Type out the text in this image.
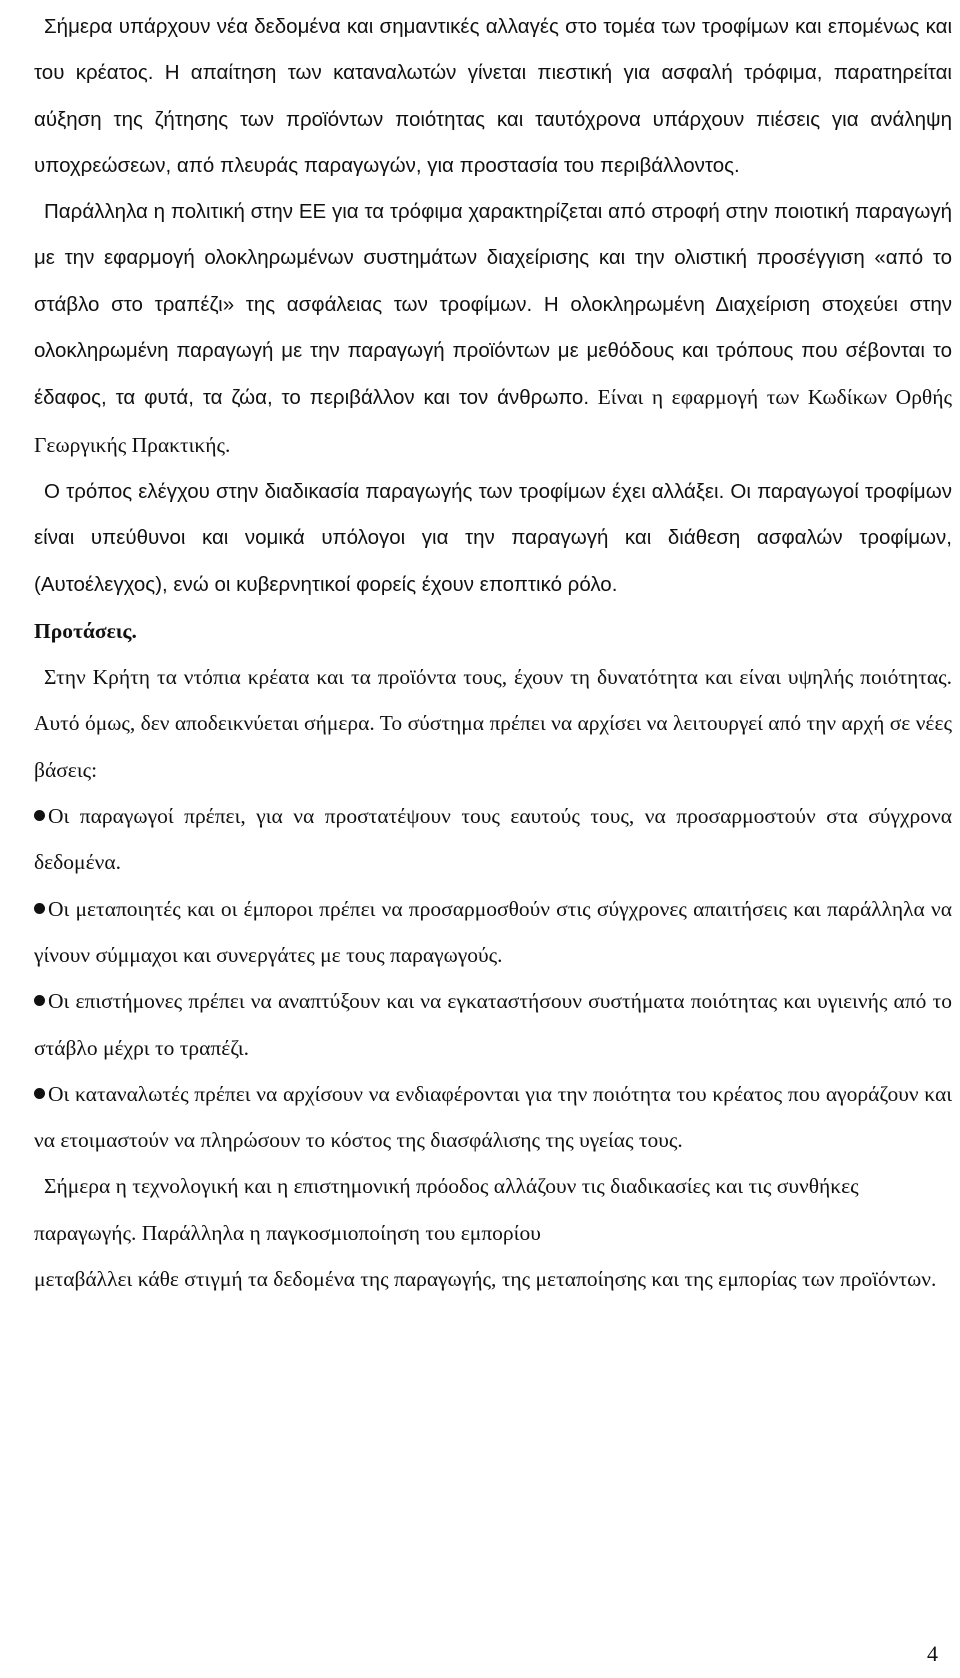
Σήμερα υπάρχουν νέα δεδομένα και σημαντικές αλλαγές στο τομέα των τροφίμων και επομένως και του κρέατος. Η απαίτηση των καταναλωτών γίνεται πιεστική για ασφαλή τρόφιμα, παρατηρείται αύξηση της ζήτησης των προϊόντων ποιότητας και ταυτόχρονα υπάρχουν πιέσεις για ανάληψη υποχρεώσεων, από πλευράς παραγωγών, για προστασία του περιβάλλοντος.

Παράλληλα η πολιτική στην ΕΕ για τα τρόφιμα χαρακτηρίζεται από στροφή στην ποιοτική παραγωγή με την εφαρμογή ολοκληρωμένων συστημάτων διαχείρισης και την ολιστική προσέγγιση «από το στάβλο στο τραπέζι» της ασφάλειας των τροφίμων. Η ολοκληρωμένη Διαχείριση στοχεύει στην ολοκληρωμένη παραγωγή με την παραγωγή προϊόντων με μεθόδους και τρόπους που σέβονται το έδαφος, τα φυτά, τα ζώα, το περιβάλλον και τον άνθρωπο. Είναι η εφαρμογή των Κωδίκων Ορθής Γεωργικής Πρακτικής.

Ο τρόπος ελέγχου στην διαδικασία παραγωγής των τροφίμων έχει αλλάξει. Οι παραγωγοί τροφίμων είναι υπεύθυνοι και νομικά υπόλογοι για την παραγωγή και διάθεση ασφαλών τροφίμων, (Αυτοέλεγχος), ενώ οι κυβερνητικοί φορείς έχουν εποπτικό ρόλο.

Προτάσεις.

Στην Κρήτη τα ντόπια κρέατα και τα προϊόντα τους, έχουν τη δυνατότητα και είναι υψηλής ποιότητας. Αυτό όμως, δεν αποδεικνύεται σήμερα. Το σύστημα πρέπει να αρχίσει να λειτουργεί από την αρχή σε νέες βάσεις:

Οι παραγωγοί πρέπει, για να προστατέψουν τους εαυτούς τους, να προσαρμοστούν στα σύγχρονα δεδομένα.

Οι μεταποιητές και οι έμποροι πρέπει να προσαρμοσθούν στις σύγχρονες απαιτήσεις και παράλληλα να γίνουν σύμμαχοι και συνεργάτες με τους παραγωγούς.

Οι επιστήμονες πρέπει να αναπτύξουν και να εγκαταστήσουν συστήματα ποιότητας και υγιεινής από το στάβλο μέχρι το τραπέζι.

Οι καταναλωτές πρέπει να αρχίσουν να ενδιαφέρονται για την ποιότητα του κρέατος που αγοράζουν και να ετοιμαστούν να πληρώσουν το κόστος της διασφάλισης της υγείας τους.

Σήμερα η τεχνολογική και η επιστημονική πρόοδος αλλάζουν τις διαδικασίες και τις συνθήκες παραγωγής. Παράλληλα η παγκοσμιοποίηση του εμπορίου

μεταβάλλει κάθε στιγμή τα δεδομένα της παραγωγής, της μεταποίησης και της εμπορίας των προϊόντων.

4
